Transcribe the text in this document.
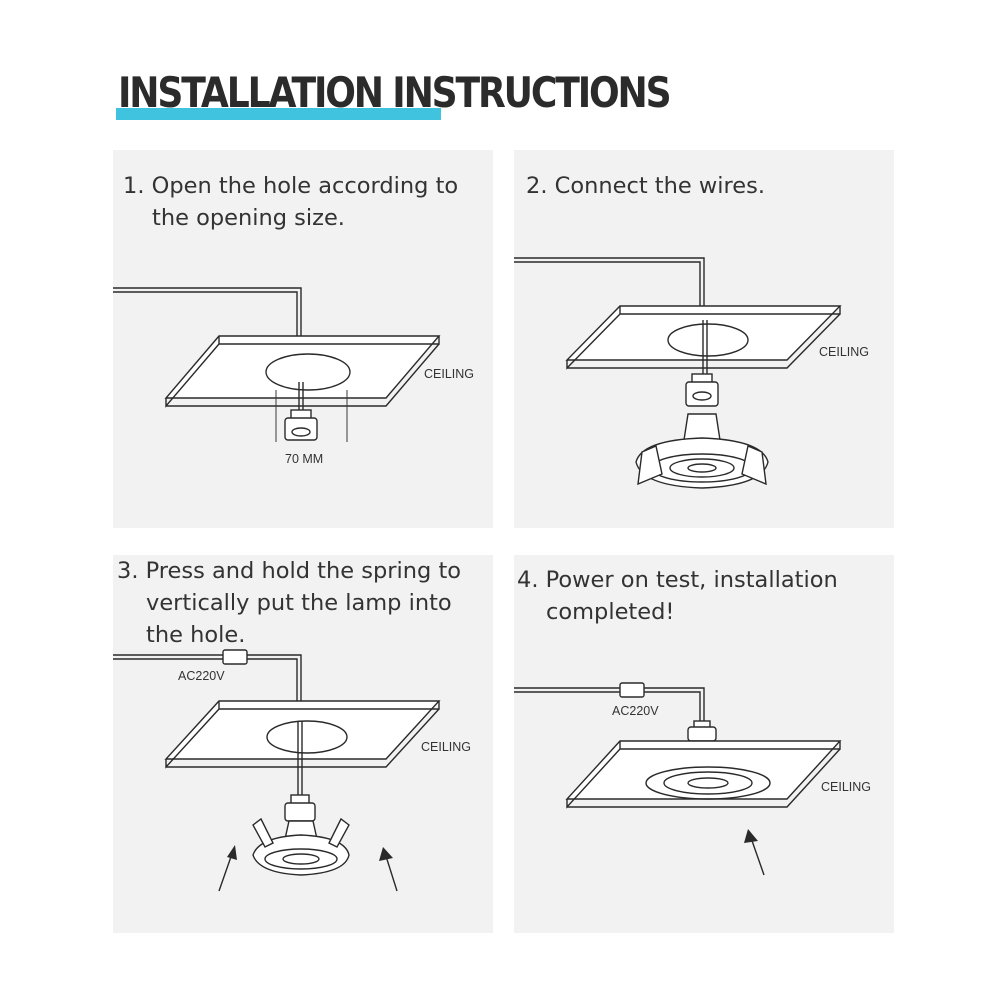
INSTALLATION INSTRUCTIONS
1. Open the hole according to
the opening size.
CEILING
70 MM
2. Connect the wires.
CEILING
3. Press and hold the spring to
vertically put the lamp into
the hole.
AC220V
CEILING
4. Power on test, installation
completed!
AC220V
CEILING
